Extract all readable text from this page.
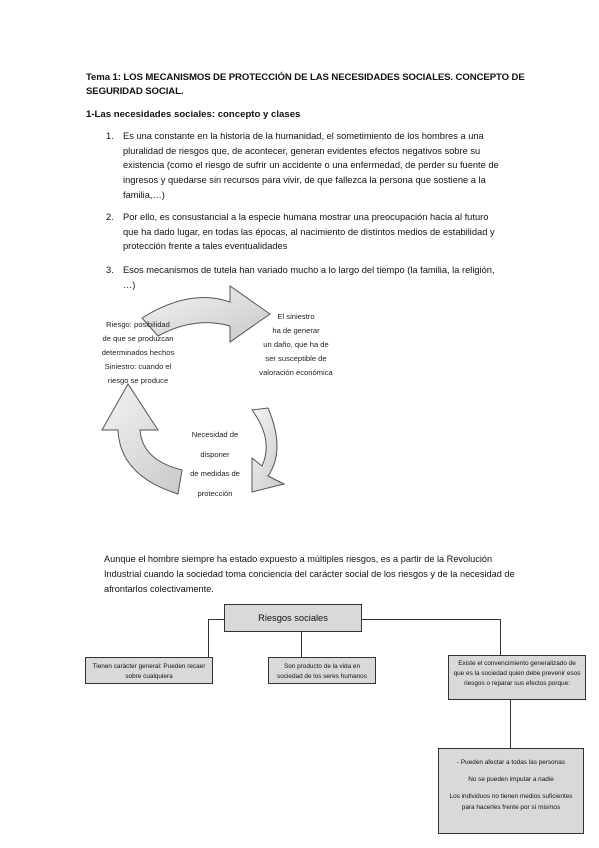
Tema 1: LOS MECANISMOS DE PROTECCIÓN DE LAS NECESIDADES SOCIALES. CONCEPTO DE SEGURIDAD SOCIAL.
1-Las necesidades sociales: concepto y clases
1. Es una constante en la historia de la humanidad, el sometimiento de los hombres a una pluralidad de riesgos que, de acontecer, generan evidentes efectos negativos sobre su existencia (como el riesgo de sufrir un accidente o una enfermedad, de perder su fuente de ingresos y quedarse sin recursos para vivir, de que fallezca la persona que sostiene a la familia,…)
2. Por ello, es consustancial a la especie humana mostrar una preocupación hacia al futuro que ha dado lugar, en todas las épocas, al nacimiento de distintos medios de estabilidad y protección frente a tales eventualidades
3. Esos mecanismos de tutela han variado mucho a lo largo del tiempo (la familia, la religión, …)
Riesgo: posibilidad
de que se produzcan
determinados hechos
Siniestro: cuando el
riesgo se produce
El siniestro
ha de generar
un daño, que ha de
ser susceptible de
valoración económica
Necesidad de
disponer
de medidas de
protección
Aunque el hombre siempre ha estado expuesto a múltiples riesgos, es a partir de la Revolución Industrial cuando la sociedad toma conciencia del carácter social de los riesgos y de la necesidad de afrontarlos colectivamente.
Riesgos sociales
Tienen carácter general: Pueden recaer sobre cualquiera
Son producto de la vida en sociedad de los seres humanos
Existe el convencimiento generalizado de que es la sociedad quien debe prevenir esos riesgos o reparar sus efectos porque:
- Pueden afectar a todas las personas
No se pueden imputar a nadie
Los individuos no tienen medios suficientes para hacerles frente por sí mismos
